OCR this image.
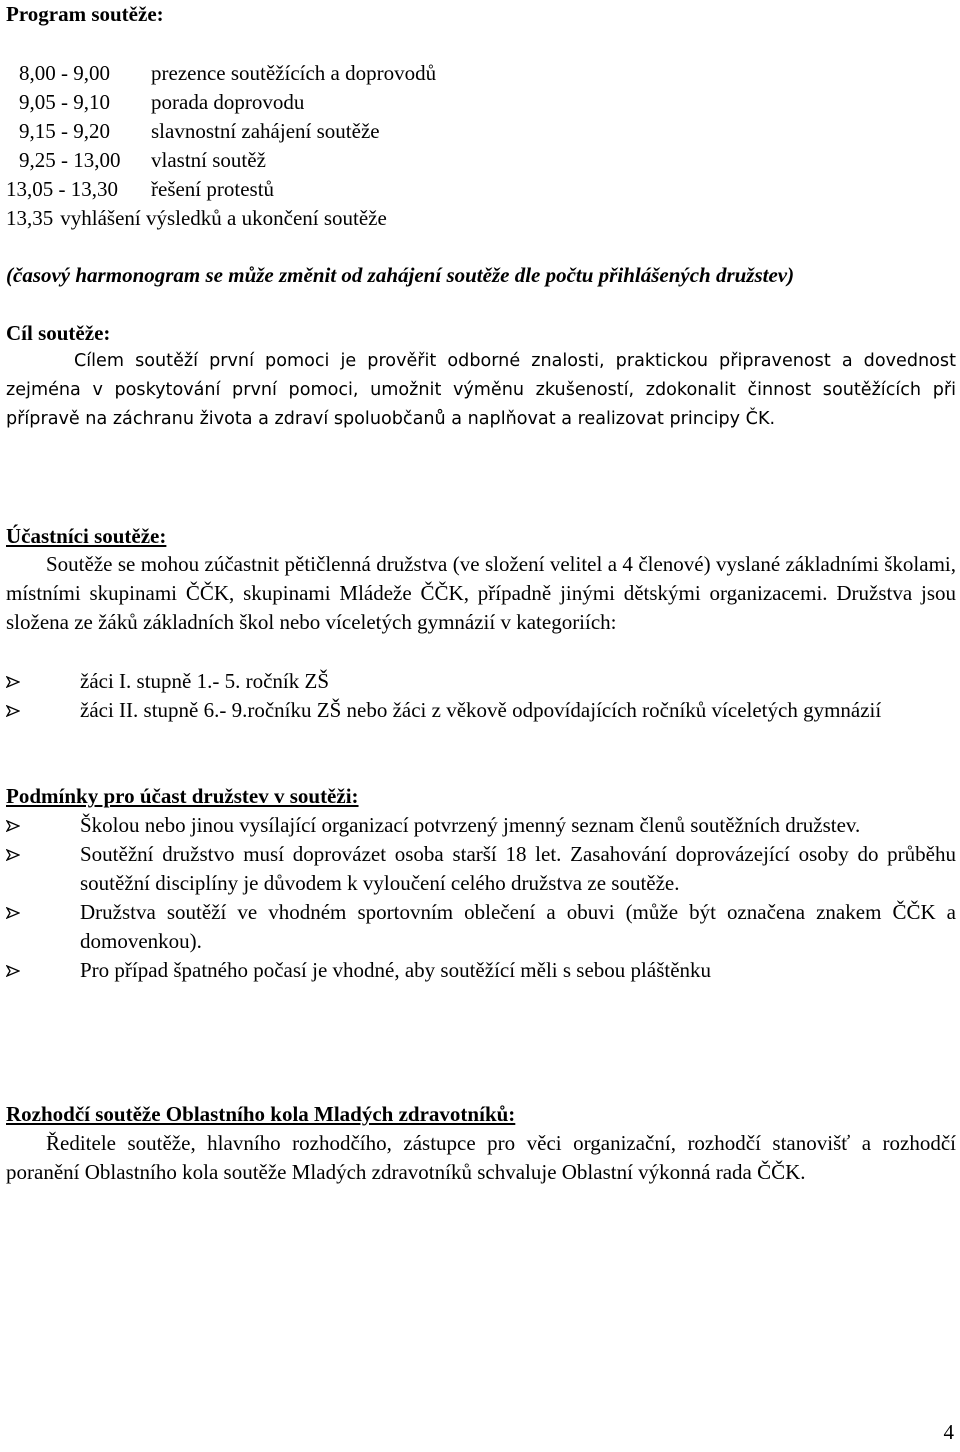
Program soutěže:
8,00 - 9,00	prezence soutěžících a doprovodů
9,05 - 9,10	porada doprovodu
9,15 - 9,20	slavnostní zahájení soutěže
9,25 - 13,00	vlastní soutěž
13,05 - 13,30	řešení protestů
13,35 vyhlášení výsledků a ukončení soutěže
(časový harmonogram se může změnit od zahájení soutěže dle počtu přihlášených družstev)
Cíl soutěže:
Cílem soutěží první pomoci je prověřit odborné znalosti, praktickou připravenost a dovednost zejména v poskytování první pomoci, umožnit výměnu zkušeností, zdokonalit činnost soutěžících při přípravě na záchranu života a zdraví spoluobčanů a naplňovat a realizovat principy ČK.
Účastníci soutěže:
Soutěže se mohou zúčastnit pětičlenná družstva (ve složení velitel a 4 členové) vyslané základními školami, místními skupinami ČČK, skupinami Mládeže ČČK, případně jinými dětskými organizacemi. Družstva jsou složena ze žáků základních škol nebo víceletých gymnázií v kategoriích:
žáci I. stupně 1.- 5. ročník ZŠ
žáci II. stupně 6.- 9.ročníku ZŠ nebo žáci z věkově odpovídajících ročníků víceletých gymnázií
Podmínky pro účast družstev v soutěži:
Školou nebo jinou vysílající organizací potvrzený jmenný seznam členů soutěžních družstev.
Soutěžní družstvo musí doprovázet osoba starší 18 let. Zasahování doprovázející osoby do průběhu soutěžní disciplíny je důvodem k vyloučení celého družstva ze soutěže.
Družstva soutěží ve vhodném sportovním oblečení a obuvi (může být označena znakem ČČK a domovenkou).
Pro případ špatného počasí je vhodné, aby soutěžící měli s sebou pláštěnku
Rozhodčí soutěže Oblastního kola Mladých zdravotníků:
Ředitele soutěže, hlavního rozhodčího, zástupce pro věci organizační, rozhodčí stanovišť a rozhodčí poranění Oblastního kola soutěže Mladých zdravotníků schvaluje Oblastní výkonná rada ČČK.
4
